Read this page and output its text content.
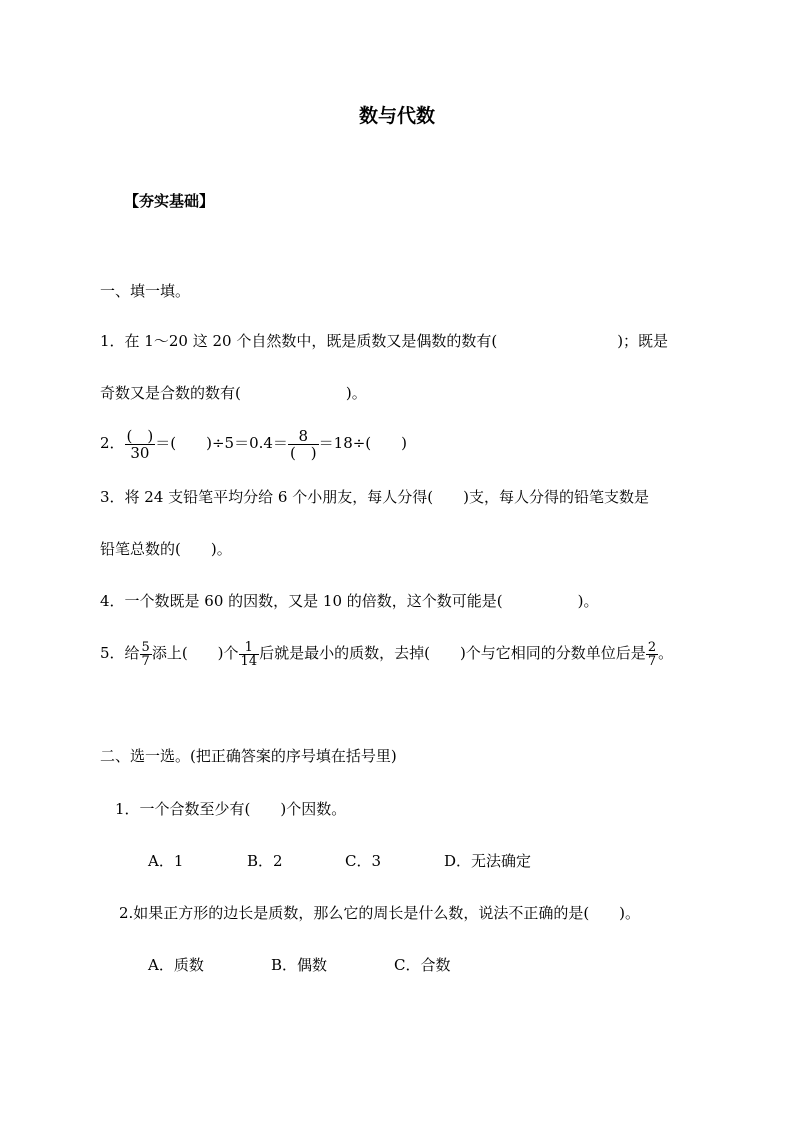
数与代数
【夯实基础】
一、填一填。
1．在 1～20 这 20 个自然数中，既是质数又是偶数的数有(　　　　　　　　)；既是
奇数又是合数的数有(　　　　　　　)。
2． $\frac{( )}{30}$ ＝(　　)$\div 5=0.4= \frac{8}{( )} =18\div$(　　)
3．将 24 支铅笔平均分给 6 个小朋友，每人分得(　　)支，每人分得的铅笔支数是
铅笔总数的(　　)。
4．一个数既是 60 的因数，又是 10 的倍数，这个数可能是(　　　　　)。
5．给 $\frac{5}{7}$ 添上(　　)个 $\frac{1}{14}$ 后就是最小的质数，去掉(　　)个与它相同的分数单位后是 $\frac{2}{7}$ 。
二、选一选。(把正确答案的序号填在括号里)
1．一个合数至少有(　　)个因数。
A．1	B．2	C．3	D．无法确定
2.如果正方形的边长是质数，那么它的周长是什么数，说法不正确的是(　　)。
A．质数	B．偶数	C．合数
